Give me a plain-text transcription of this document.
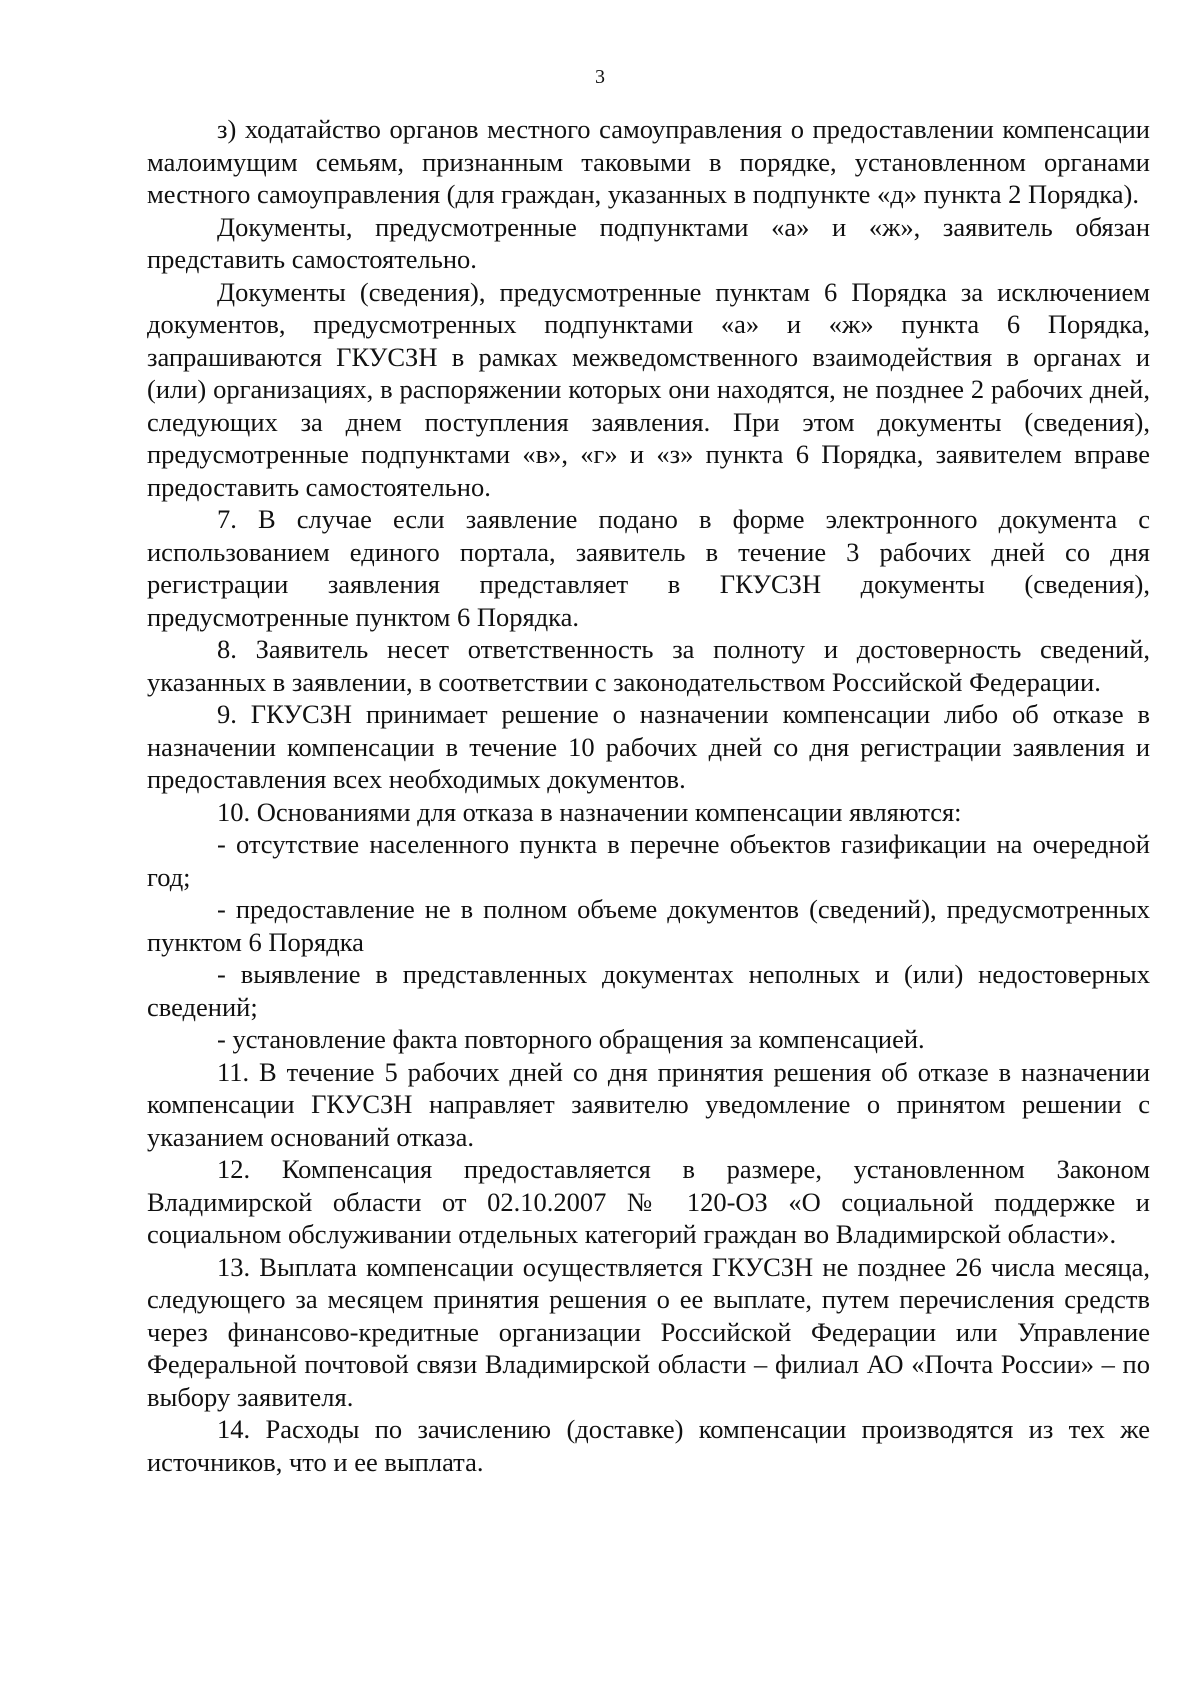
3

з) ходатайство органов местного самоуправления о предоставлении компенсации малоимущим семьям, признанным таковыми в порядке, установленном органами местного самоуправления (для граждан, указанных в подпункте «д» пункта 2 Порядка).

Документы, предусмотренные подпунктами «а» и «ж», заявитель обязан представить самостоятельно.

Документы (сведения), предусмотренные пунктам 6 Порядка за исключением документов, предусмотренных подпунктами «а» и «ж» пункта 6 Порядка, запрашиваются ГКУСЗН в рамках межведомственного взаимодействия в органах и (или) организациях, в распоряжении которых они находятся, не позднее 2 рабочих дней, следующих за днем поступления заявления. При этом документы (сведения), предусмотренные подпунктами «в», «г» и «з» пункта 6 Порядка, заявителем вправе предоставить самостоятельно.

7. В случае если заявление подано в форме электронного документа с использованием единого портала, заявитель в течение 3 рабочих дней со дня регистрации заявления представляет в ГКУСЗН документы (сведения), предусмотренные пунктом 6 Порядка.

8. Заявитель несет ответственность за полноту и достоверность сведений, указанных в заявлении, в соответствии с законодательством Российской Федерации.

9. ГКУСЗН принимает решение о назначении компенсации либо об отказе в назначении компенсации в течение 10 рабочих дней со дня регистрации заявления и предоставления всех необходимых документов.

10. Основаниями для отказа в назначении компенсации являются:

- отсутствие населенного пункта в перечне объектов газификации на очередной год;

- предоставление не в полном объеме документов (сведений), предусмотренных пунктом 6 Порядка

- выявление в представленных документах неполных и (или) недостоверных сведений;

- установление факта повторного обращения за компенсацией.

11. В течение 5 рабочих дней со дня принятия решения об отказе в назначении компенсации ГКУСЗН направляет заявителю уведомление о принятом решении с указанием оснований отказа.

12. Компенсация предоставляется в размере, установленном Законом Владимирской области от 02.10.2007 № 120-ОЗ «О социальной поддержке и социальном обслуживании отдельных категорий граждан во Владимирской области».

13. Выплата компенсации осуществляется ГКУСЗН не позднее 26 числа месяца, следующего за месяцем принятия решения о ее выплате, путем перечисления средств через финансово-кредитные организации Российской Федерации или Управление Федеральной почтовой связи Владимирской области – филиал АО «Почта России» – по выбору заявителя.

14. Расходы по зачислению (доставке) компенсации производятся из тех же источников, что и ее выплата.
